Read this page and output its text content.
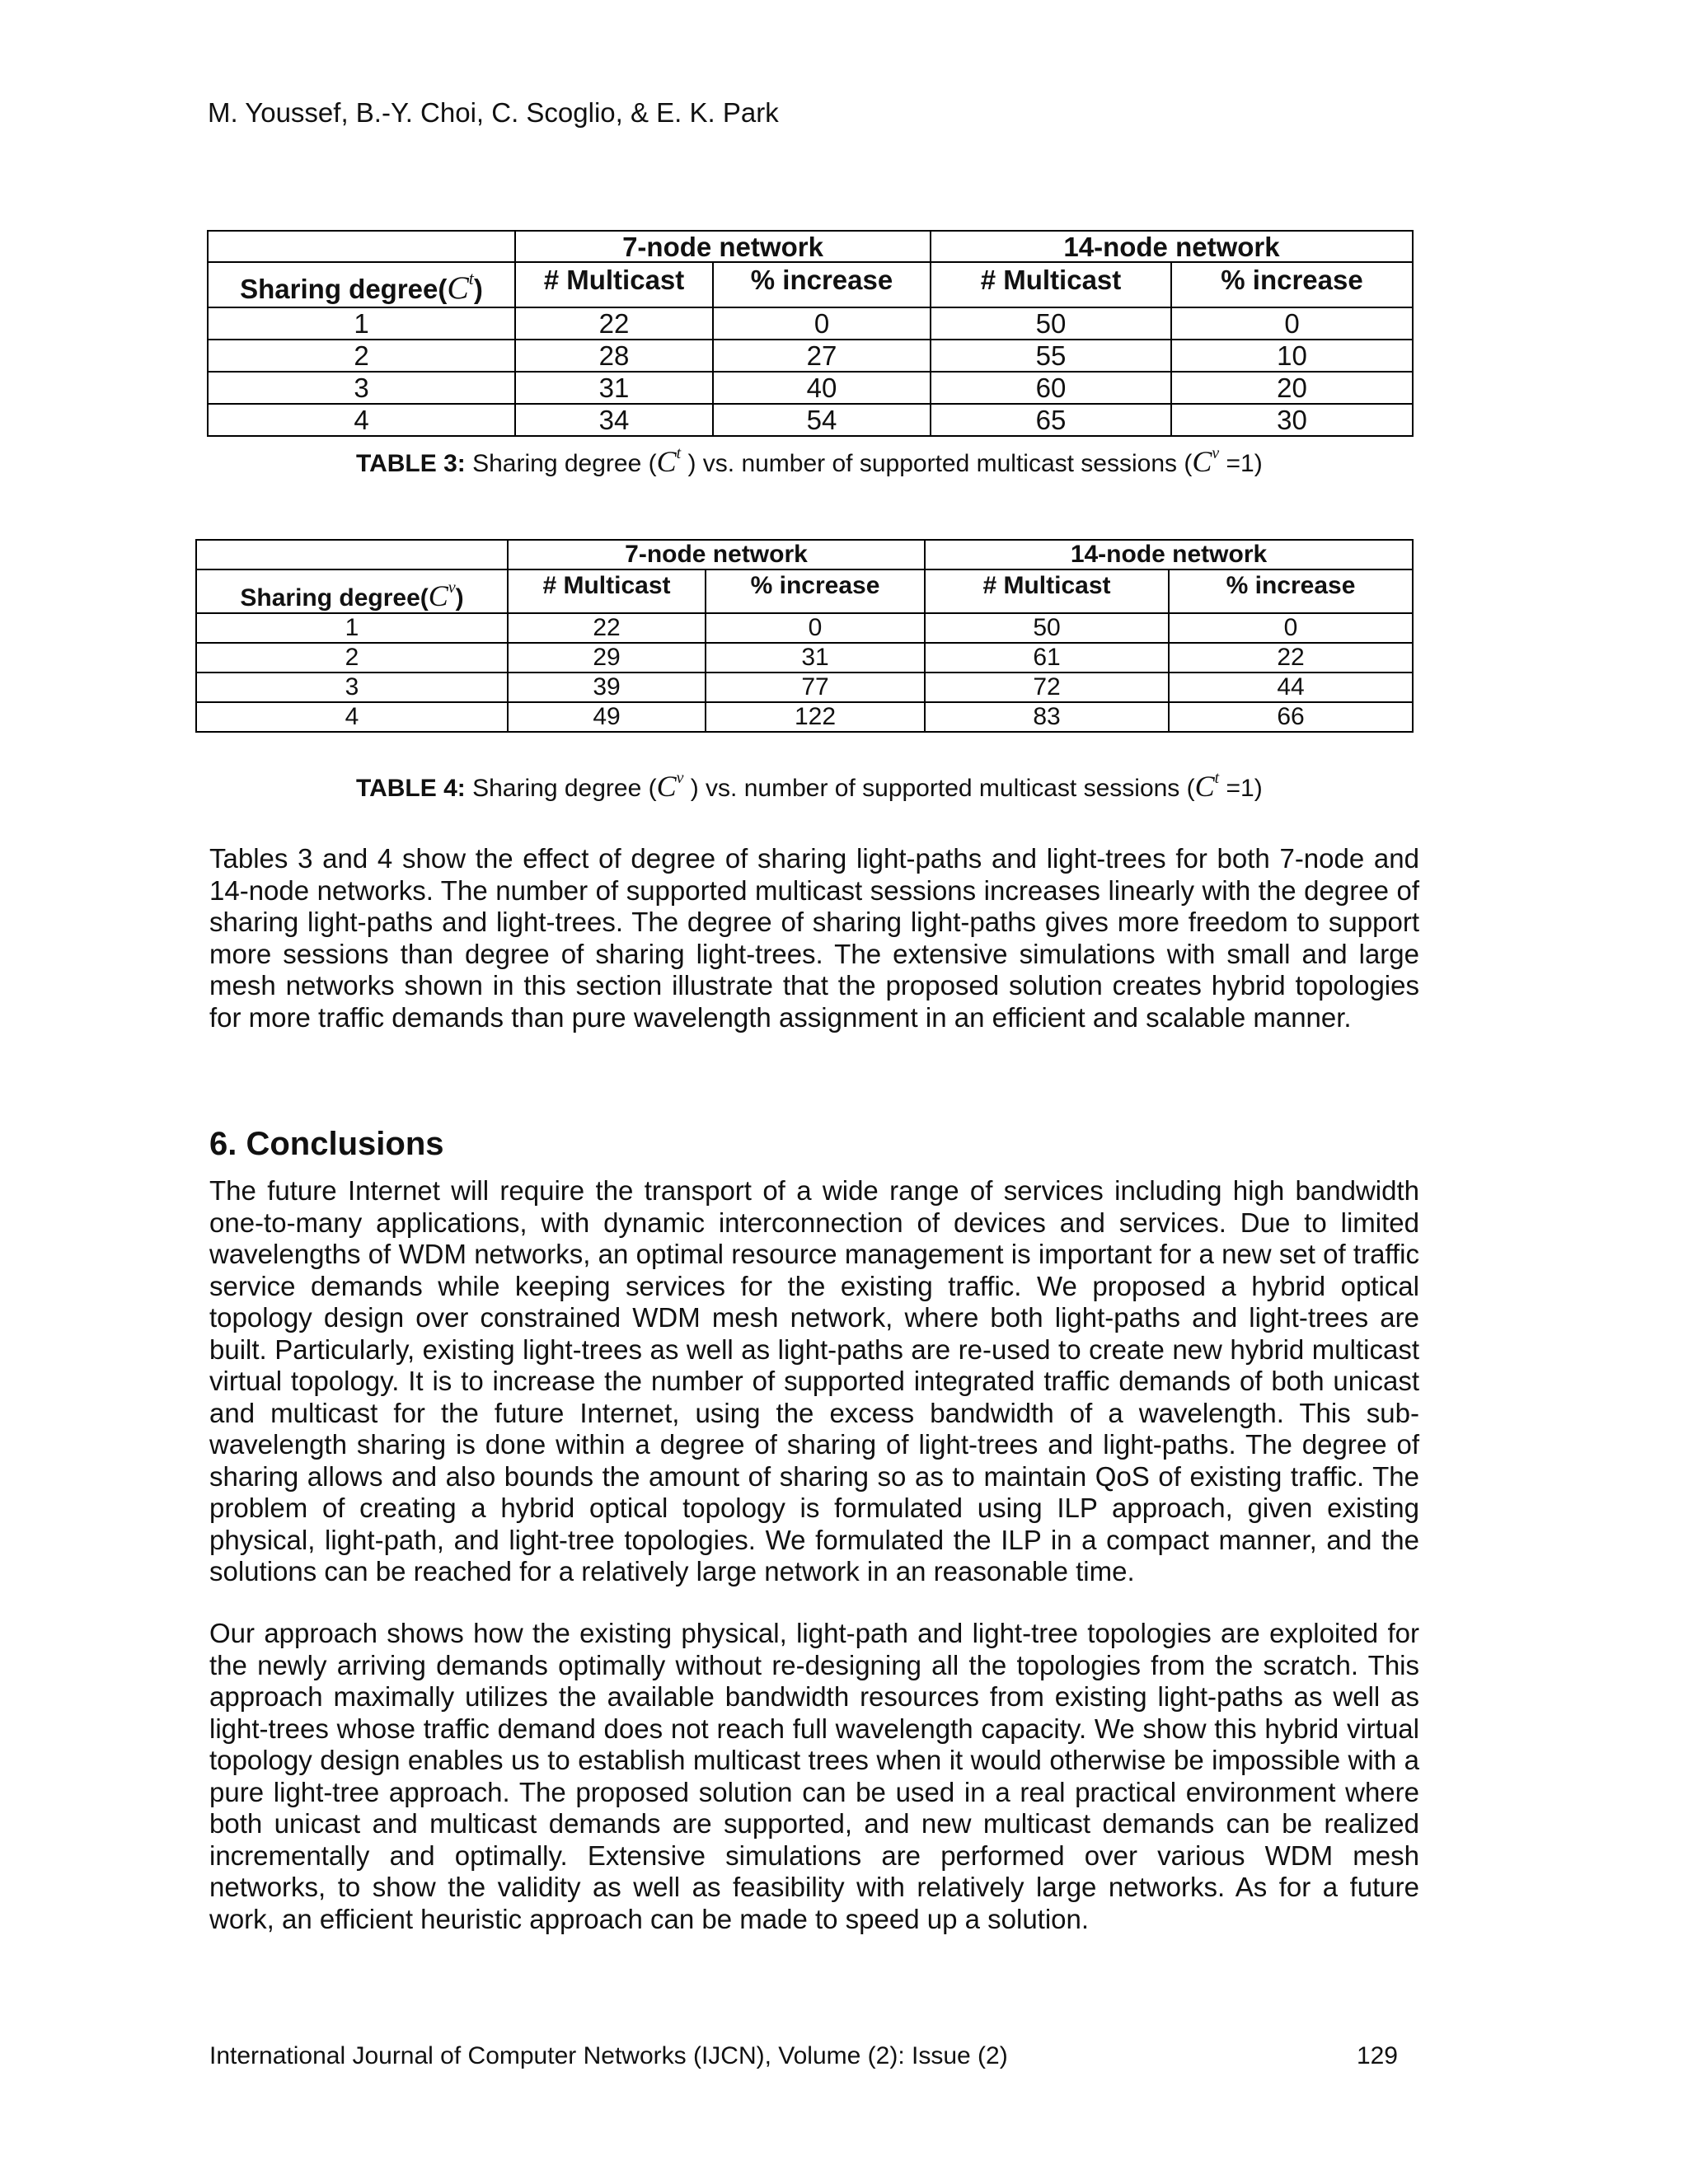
M. Youssef, B.-Y. Choi, C. Scoglio, & E. K. Park
	7-node network		14-node network	
Sharing $degree(C^t)$	# Multicast	% increase	# Multicast	% increase
1	22	0	50	0
2	28	27	55	10
3	31	40	60	20
4	34	54	65	30
TABLE 3: Sharing degree ($C^t$ ) vs. number of supported multicast sessions $(C^v =1)$
	7-node network		14-node network	
Sharing $degree(C^v)$	# Multicast	% increase	# Multicast	% increase
1	22	0	50	0
2	29	31	61	22
3	39	77	72	44
4	49	122	83	66
TABLE 4: Sharing degree ($C^v$ ) vs. number of supported multicast sessions $(C^t =1)$
Tables 3 and 4 show the effect of degree of sharing light-paths and light-trees for both 7-node and 14-node networks. The number of supported multicast sessions increases linearly with the degree of sharing light-paths and light-trees. The degree of sharing light-paths gives more freedom to support more sessions than degree of sharing light-trees. The extensive simulations with small and large mesh networks shown in this section illustrate that the proposed solution creates hybrid topologies for more traffic demands than pure wavelength assignment in an efficient and scalable manner.
6. Conclusions
The future Internet will require the transport of a wide range of services including high bandwidth one-to-many applications, with dynamic interconnection of devices and services. Due to limited wavelengths of WDM networks, an optimal resource management is important for a new set of traffic service demands while keeping services for the existing traffic. We proposed a hybrid optical topology design over constrained WDM mesh network, where both light-paths and light-trees are built. Particularly, existing light-trees as well as light-paths are re-used to create new hybrid multicast virtual topology. It is to increase the number of supported integrated traffic demands of both unicast and multicast for the future Internet, using the excess bandwidth of a wavelength. This sub-wavelength sharing is done within a degree of sharing of light-trees and light-paths. The degree of sharing allows and also bounds the amount of sharing so as to maintain QoS of existing traffic. The problem of creating a hybrid optical topology is formulated using ILP approach, given existing physical, light-path, and light-tree topologies. We formulated the ILP in a compact manner, and the solutions can be reached for a relatively large network in an reasonable time.
Our approach shows how the existing physical, light-path and light-tree topologies are exploited for the newly arriving demands optimally without re-designing all the topologies from the scratch. This approach maximally utilizes the available bandwidth resources from existing light-paths as well as light-trees whose traffic demand does not reach full wavelength capacity. We show this hybrid virtual topology design enables us to establish multicast trees when it would otherwise be impossible with a pure light-tree approach. The proposed solution can be used in a real practical environment where both unicast and multicast demands are supported, and new multicast demands can be realized incrementally and optimally. Extensive simulations are performed over various WDM mesh networks, to show the validity as well as feasibility with relatively large networks. As for a future work, an efficient heuristic approach can be made to speed up a solution.
International Journal of Computer Networks (IJCN), Volume (2): Issue (2)	129
